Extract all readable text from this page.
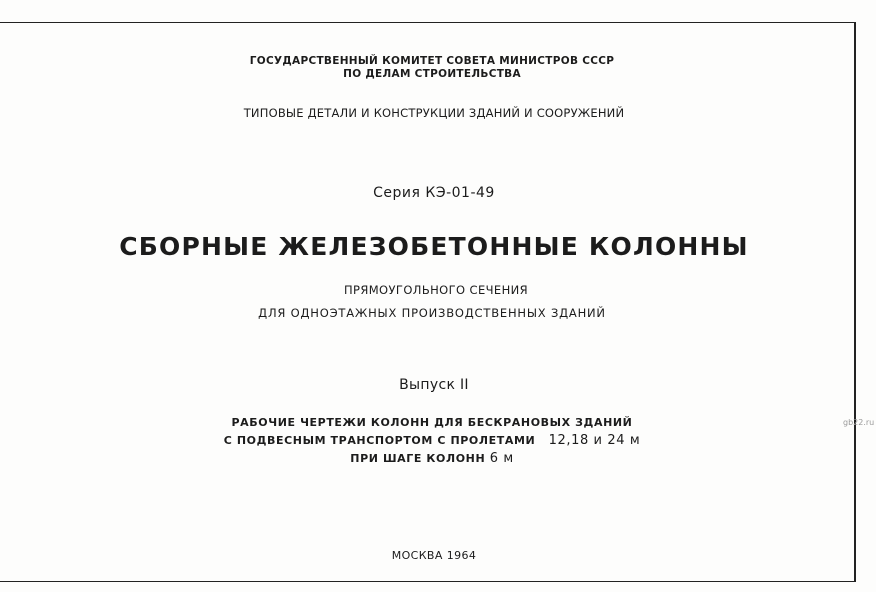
ГОСУДАРСТВЕННЫЙ КОМИТЕТ СОВЕТА МИНИСТРОВ СССР
ПО ДЕЛАМ СТРОИТЕЛЬСТВА
ТИПОВЫЕ ДЕТАЛИ И КОНСТРУКЦИИ ЗДАНИЙ И СООРУЖЕНИЙ
Серия КЭ-01-49
СБОРНЫЕ ЖЕЛЕЗОБЕТОННЫЕ КОЛОННЫ
ПРЯМОУГОЛЬНОГО СЕЧЕНИЯ
ДЛЯ ОДНОЭТАЖНЫХ ПРОИЗВОДСТВЕННЫХ ЗДАНИЙ
Выпуск II
РАБОЧИЕ ЧЕРТЕЖИ КОЛОНН ДЛЯ БЕСКРАНОВЫХ ЗДАНИЙ
С ПОДВЕСНЫМ ТРАНСПОРТОМ С ПРОЛЕТАМИ 12,18 и 24 м
ПРИ ШАГЕ КОЛОНН 6 м
МОСКВА 1964
gb22.ru
